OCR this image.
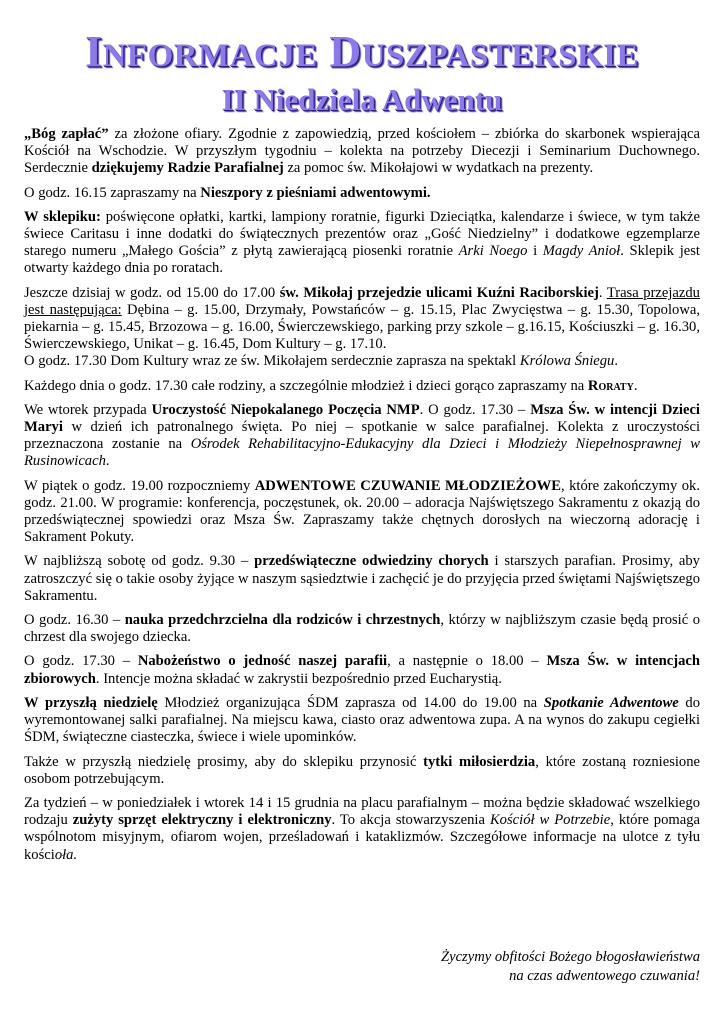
INFORMACJE DUSZPASTERSKIE
II Niedziela Adwentu

„Bóg zapłać” za złożone ofiary. Zgodnie z zapowiedzią, przed kościołem – zbiórka do skarbonek wspierająca Kościół na Wschodzie. W przyszłym tygodniu – kolekta na potrzeby Diecezji i Seminarium Duchownego. Serdecznie dziękujemy Radzie Parafialnej za pomoc św. Mikołajowi w wydatkach na prezenty.

O godz. 16.15 zapraszamy na Nieszpory z pieśniami adwentowymi.

W sklepiku: poświęcone opłatki, kartki, lampiony roratnie, figurki Dzieciątka, kalendarze i świece, w tym także świece Caritasu i inne dodatki do świątecznych prezentów oraz „Gość Niedzielny” i dodatkowe egzemplarze starego numeru „Małego Gościa” z płytą zawierającą piosenki roratnie Arki Noego i Magdy Anioł. Sklepik jest otwarty każdego dnia po roratach.

Jeszcze dzisiaj w godz. od 15.00 do 17.00 św. Mikołaj przejedzie ulicami Kuźni Raciborskiej. Trasa przejazdu jest następująca: Dębina – g. 15.00, Drzymały, Powstańców – g. 15.15, Plac Zwycięstwa – g. 15.30, Topolowa, piekarnia – g. 15.45, Brzozowa – g. 16.00, Świerczewskiego, parking przy szkole – g.16.15, Kościuszki – g. 16.30, Świerczewskiego, Unikat – g. 16.45, Dom Kultury – g. 17.10.
O godz. 17.30 Dom Kultury wraz ze św. Mikołajem serdecznie zaprasza na spektakl Królowa Śniegu.

Każdego dnia o godz. 17.30 całe rodziny, a szczególnie młodzież i dzieci gorąco zapraszamy na Roraty.

We wtorek przypada Uroczystość Niepokalanego Poczęcia NMP. O godz. 17.30 – Msza Św. w intencji Dzieci Maryi w dzień ich patronalnego święta. Po niej – spotkanie w salce parafialnej. Kolekta z uroczystości przeznaczona zostanie na Ośrodek Rehabilitacyjno-Edukacyjny dla Dzieci i Młodzieży Niepełnosprawnej w Rusinowicach.

W piątek o godz. 19.00 rozpoczniemy ADWENTOWE CZUWANIE MŁODZIEŻOWE, które zakończymy ok. godz. 21.00. W programie: konferencja, poczęstunek, ok. 20.00 – adoracja Najświętszego Sakramentu z okazją do przedświątecznej spowiedzi oraz Msza Św. Zapraszamy także chętnych dorosłych na wieczorną adorację i Sakrament Pokuty.

W najbliższą sobotę od godz. 9.30 – przedświąteczne odwiedziny chorych i starszych parafian. Prosimy, aby zatroszczyć się o takie osoby żyjące w naszym sąsiedztwie i zachęcić je do przyjęcia przed świętami Najświętszego Sakramentu.

O godz. 16.30 – nauka przedchrzcielna dla rodziców i chrzestnych, którzy w najbliższym czasie będą prosić o chrzest dla swojego dziecka.

O godz. 17.30 – Nabożeństwo o jedność naszej parafii, a następnie o 18.00 – Msza Św. w intencjach zbiorowych. Intencje można składać w zakrystii bezpośrednio przed Eucharystią.

W przyszłą niedzielę Młodzież organizująca ŚDM zaprasza od 14.00 do 19.00 na Spotkanie Adwentowe do wyremontowanej salki parafialnej. Na miejscu kawa, ciasto oraz adwentowa zupa. A na wynos do zakupu cegiełki ŚDM, świąteczne ciasteczka, świece i wiele upominków.

Także w przyszłą niedzielę prosimy, aby do sklepiku przynosić tytki miłosierdzia, które zostaną rozniesione osobom potrzebującym.

Za tydzień – w poniedziałek i wtorek 14 i 15 grudnia na placu parafialnym – można będzie składować wszelkiego rodzaju zużyty sprzęt elektryczny i elektroniczny. To akcja stowarzyszenia Kościół w Potrzebie, które pomaga wspólnotom misyjnym, ofiarom wojen, prześladowań i kataklizmów. Szczegółowe informacje na ulotce z tyłu kościoła.

Życzymy obfitości Bożego błogosławieństwa
na czas adwentowego czuwania!
